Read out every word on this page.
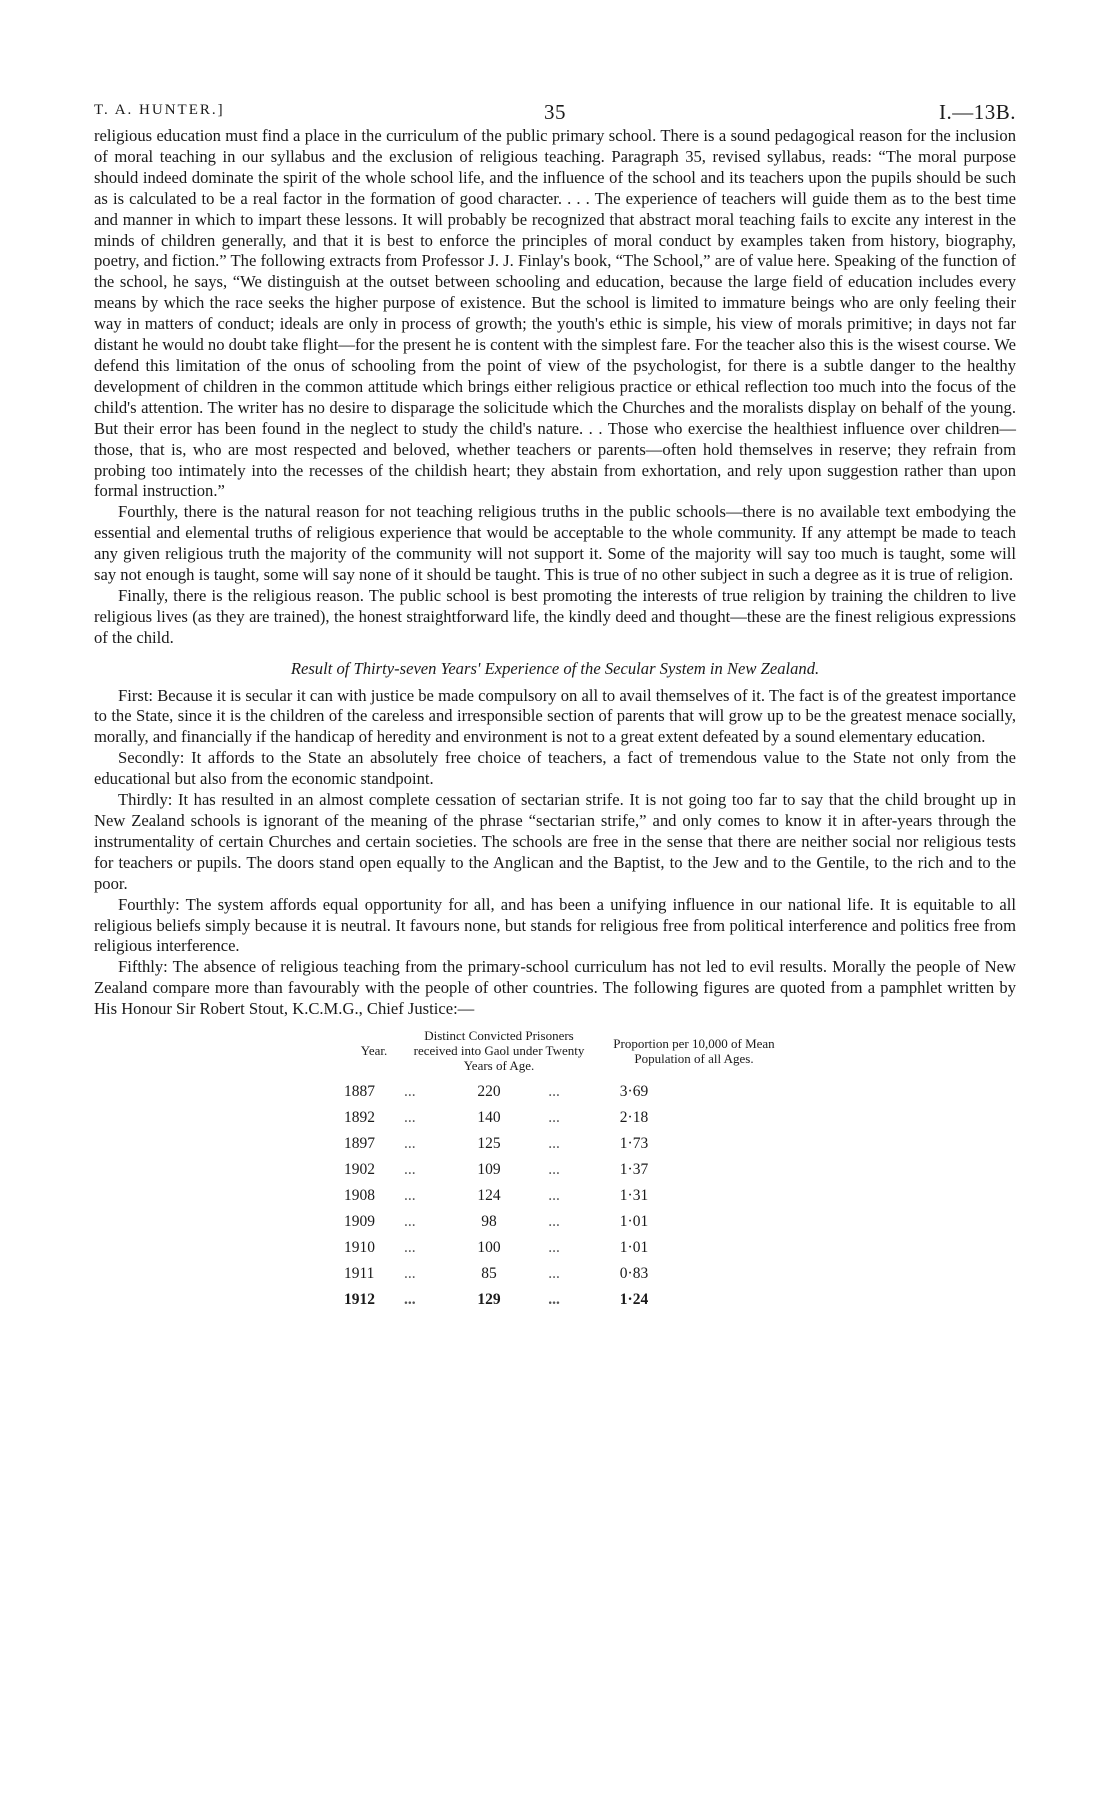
T. A. HUNTER.]	35	I.—13B.

religious education must find a place in the curriculum of the public primary school. There is a sound pedagogical reason for the inclusion of moral teaching in our syllabus and the exclusion of religious teaching. Paragraph 35, revised syllabus, reads: “The moral purpose should indeed dominate the spirit of the whole school life, and the influence of the school and its teachers upon the pupils should be such as is calculated to be a real factor in the formation of good character. . . . The experience of teachers will guide them as to the best time and manner in which to impart these lessons. It will probably be recognized that abstract moral teaching fails to excite any interest in the minds of children generally, and that it is best to enforce the principles of moral conduct by examples taken from history, biography, poetry, and fiction.” The following extracts from Professor J. J. Finlay's book, “The School,” are of value here. Speaking of the function of the school, he says, “We distinguish at the outset between schooling and education, because the large field of education includes every means by which the race seeks the higher purpose of existence. But the school is limited to immature beings who are only feeling their way in matters of conduct; ideals are only in process of growth; the youth's ethic is simple, his view of morals primitive; in days not far distant he would no doubt take flight—for the present he is content with the simplest fare. For the teacher also this is the wisest course. We defend this limitation of the onus of schooling from the point of view of the psychologist, for there is a subtle danger to the healthy development of children in the common attitude which brings either religious practice or ethical reflection too much into the focus of the child's attention. The writer has no desire to disparage the solicitude which the Churches and the moralists display on behalf of the young. But their error has been found in the neglect to study the child's nature. . . Those who exercise the healthiest influence over children—those, that is, who are most respected and beloved, whether teachers or parents—often hold themselves in reserve; they refrain from probing too intimately into the recesses of the childish heart; they abstain from exhortation, and rely upon suggestion rather than upon formal instruction.”

Fourthly, there is the natural reason for not teaching religious truths in the public schools—there is no available text embodying the essential and elemental truths of religious experience that would be acceptable to the whole community. If any attempt be made to teach any given religious truth the majority of the community will not support it. Some of the majority will say too much is taught, some will say not enough is taught, some will say none of it should be taught. This is true of no other subject in such a degree as it is true of religion.

Finally, there is the religious reason. The public school is best promoting the interests of true religion by training the children to live religious lives (as they are trained), the honest straightforward life, the kindly deed and thought—these are the finest religious expressions of the child.

Result of Thirty-seven Years' Experience of the Secular System in New Zealand.

First: Because it is secular it can with justice be made compulsory on all to avail themselves of it. The fact is of the greatest importance to the State, since it is the children of the careless and irresponsible section of parents that will grow up to be the greatest menace socially, morally, and financially if the handicap of heredity and environment is not to a great extent defeated by a sound elementary education.

Secondly: It affords to the State an absolutely free choice of teachers, a fact of tremendous value to the State not only from the educational but also from the economic standpoint.

Thirdly: It has resulted in an almost complete cessation of sectarian strife. It is not going too far to say that the child brought up in New Zealand schools is ignorant of the meaning of the phrase “sectarian strife,” and only comes to know it in after-years through the instrumentality of certain Churches and certain societies. The schools are free in the sense that there are neither social nor religious tests for teachers or pupils. The doors stand open equally to the Anglican and the Baptist, to the Jew and to the Gentile, to the rich and to the poor.

Fourthly: The system affords equal opportunity for all, and has been a unifying influence in our national life. It is equitable to all religious beliefs simply because it is neutral. It favours none, but stands for religious free from political interference and politics free from religious interference.

Fifthly: The absence of religious teaching from the primary-school curriculum has not led to evil results. Morally the people of New Zealand compare more than favourably with the people of other countries. The following figures are quoted from a pamphlet written by His Honour Sir Robert Stout, K.C.M.G., Chief Justice:—

Year.
Distinct Convicted Prisoners received into Gaol under Twenty Years of Age.
Proportion per 10,000 of Mean Population of all Ages.
1887	...	220	...	3·69
1892	...	140	...	2·18
1897	...	125	...	1·73
1902	...	109	...	1·37
1908	...	124	...	1·31
1909	...	98	...	1·01
1910	...	100	...	1·01
1911	...	85	...	0·83
1912	...	129	...	1·24
